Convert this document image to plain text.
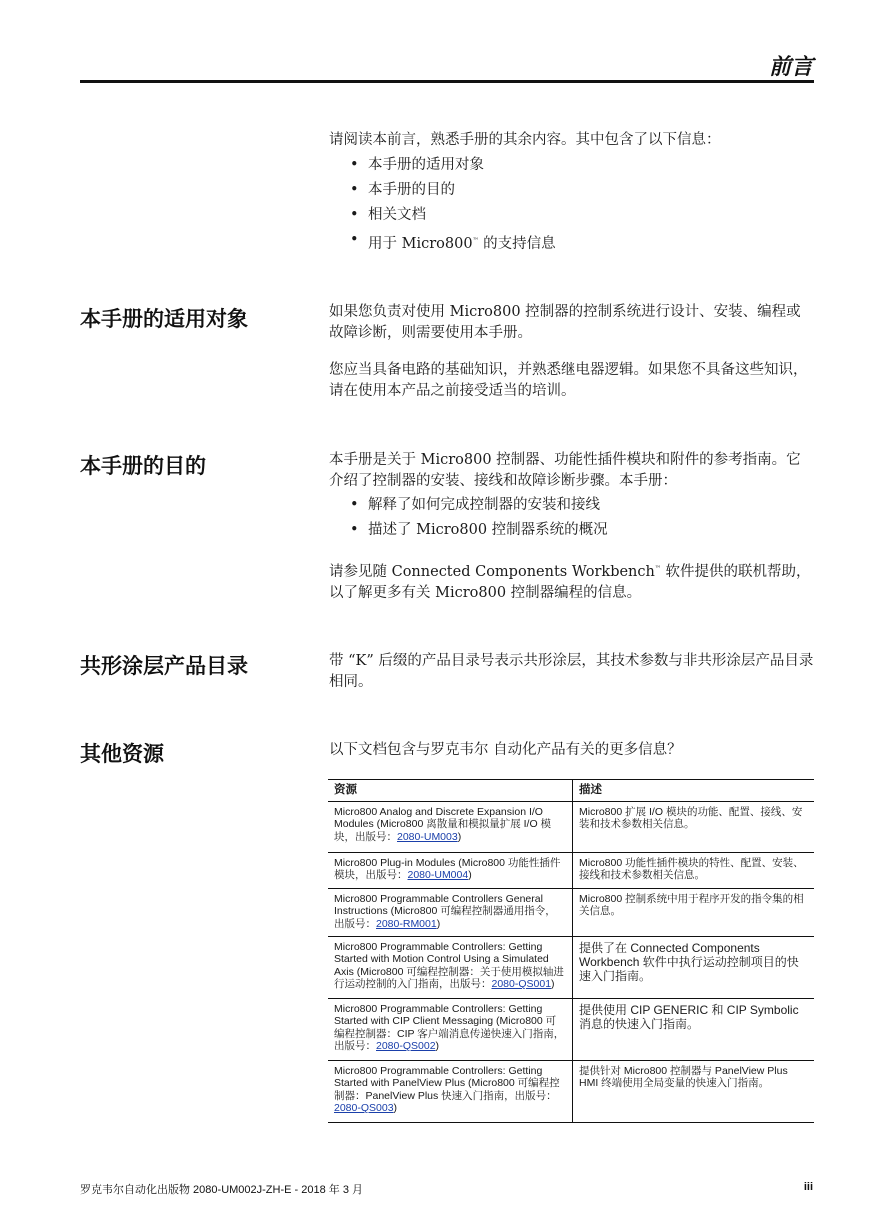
前言
请阅读本前言，熟悉手册的其余内容。其中包含了以下信息：
• 本手册的适用对象
• 本手册的目的
• 相关文档
• 用于 Micro800™ 的支持信息
本手册的适用对象	如果您负责对使用 Micro800 控制器的控制系统进行设计、安装、编程或故障诊断，则需要使用本手册。
您应当具备电路的基础知识，并熟悉继电器逻辑。如果您不具备这些知识，请在使用本产品之前接受适当的培训。
本手册的目的	本手册是关于 Micro800 控制器、功能性插件模块和附件的参考指南。它介绍了控制器的安装、接线和故障诊断步骤。本手册：
• 解释了如何完成控制器的安装和接线
• 描述了 Micro800 控制器系统的概况
请参见随 Connected Components Workbench™ 软件提供的联机帮助，以了解更多有关 Micro800 控制器编程的信息。
共形涂层产品目录	带 “K” 后缀的产品目录号表示共形涂层，其技术参数与非共形涂层产品目录相同。
其他资源	以下文档包含与罗克韦尔 自动化产品有关的更多信息？
资源	描述
Micro800 Analog and Discrete Expansion I/O Modules (Micro800 离散量和模拟量扩展 I/O 模块，出版号：2080-UM003)	Micro800 扩展 I/O 模块的功能、配置、接线、安装和技术参数相关信息。
Micro800 Plug-in Modules (Micro800 功能性插件模块，出版号：2080-UM004)	Micro800 功能性插件模块的特性、配置、安装、接线和技术参数相关信息。
Micro800 Programmable Controllers General Instructions (Micro800 可编程控制器通用指令，出版号：2080-RM001)	Micro800 控制系统中用于程序开发的指令集的相关信息。
Micro800 Programmable Controllers: Getting Started with Motion Control Using a Simulated Axis (Micro800 可编程控制器：关于使用模拟轴进行运动控制的入门指南，出版号：2080-QS001)	提供了在 Connected Components Workbench 软件中执行运动控制项目的快速入门指南。
Micro800 Programmable Controllers: Getting Started with CIP Client Messaging (Micro800 可编程控制器：CIP 客户端消息传递快速入门指南，出版号：2080-QS002)	提供使用 CIP GENERIC 和 CIP Symbolic 消息的快速入门指南。
Micro800 Programmable Controllers: Getting Started with PanelView Plus (Micro800 可编程控制器：PanelView Plus 快速入门指南，出版号：2080-QS003)	提供针对 Micro800 控制器与 PanelView Plus HMI 终端使用全局变量的快速入门指南。
罗克韦尔自动化出版物 2080-UM002J-ZH-E - 2018 年 3 月	iii
